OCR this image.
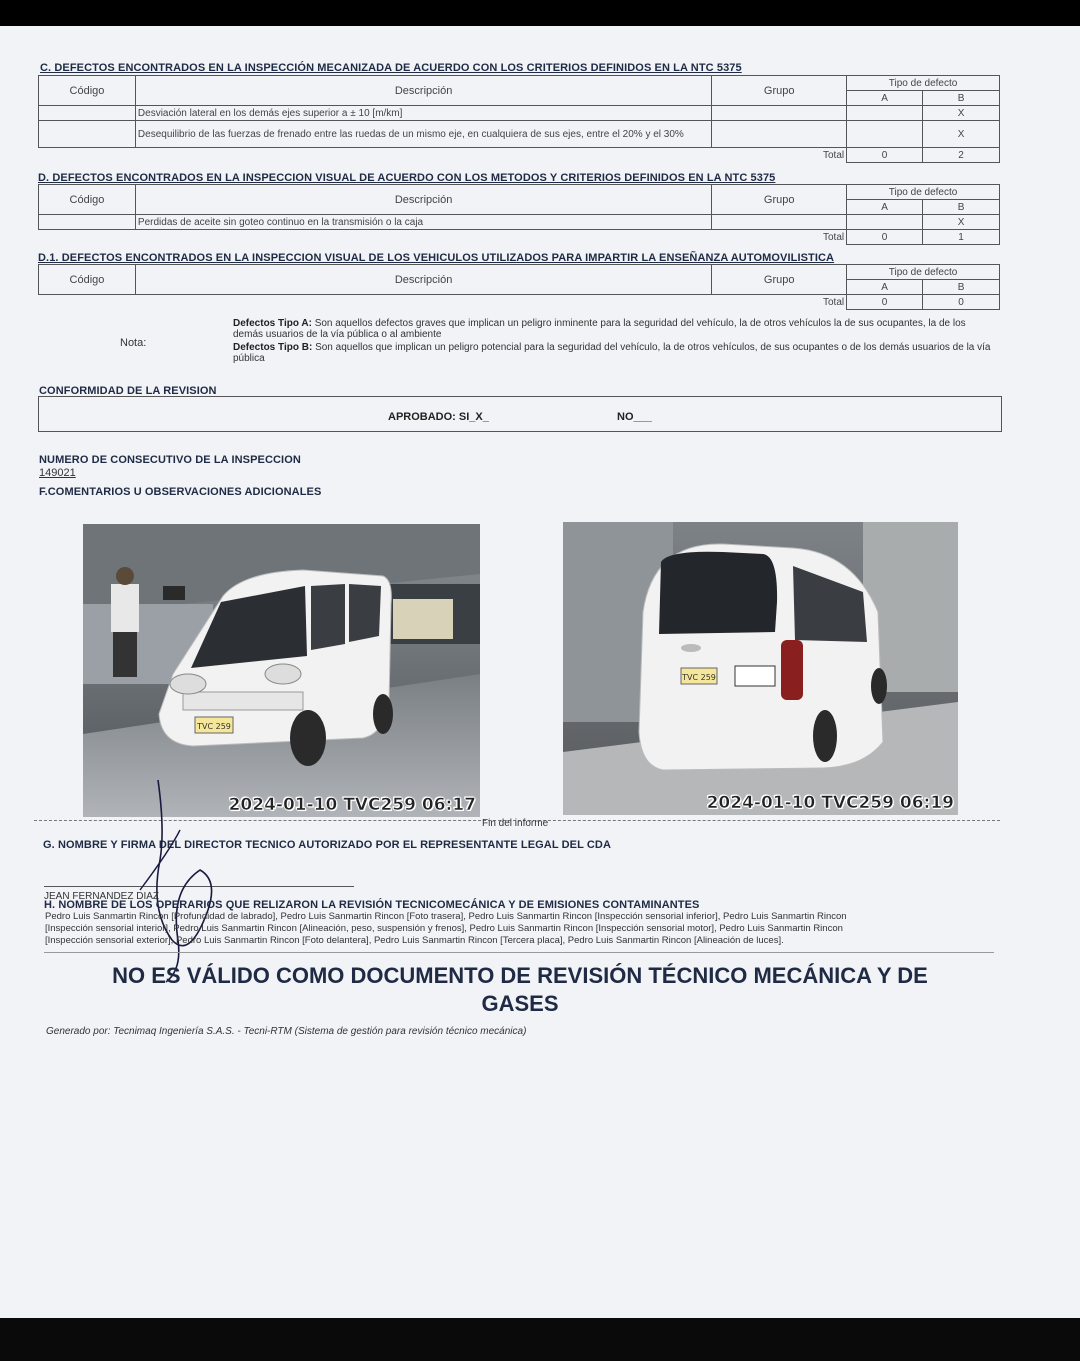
C. DEFECTOS ENCONTRADOS EN LA INSPECCIÓN MECANIZADA DE ACUERDO CON LOS CRITERIOS DEFINIDOS EN LA NTC 5375
Código	Descripción	Grupo	Tipo de defecto	
			A	B
	Desviación lateral en los demás ejes superior a ± 10 [m/km]			X
	Desequilibrio de las fuerzas de frenado entre las ruedas de un mismo eje, en cualquiera de sus ejes, entre el 20% y el 30%			X
Total			0	2
D. DEFECTOS ENCONTRADOS EN LA INSPECCION VISUAL DE ACUERDO CON LOS METODOS Y CRITERIOS DEFINIDOS EN LA NTC 5375
Código	Descripción	Grupo	Tipo de defecto	
			A	B
	Perdidas de aceite sin goteo continuo en la transmisión o la caja			X
Total			0	1
D.1. DEFECTOS ENCONTRADOS EN LA INSPECCION VISUAL DE LOS VEHICULOS UTILIZADOS PARA IMPARTIR LA ENSEÑANZA AUTOMOVILISTICA
Código	Descripción	Grupo	Tipo de defecto	
			A	B
Total			0	0
Nota:
Defectos Tipo A: Son aquellos defectos graves que implican un peligro inminente para la seguridad del vehículo, la de otros vehículos la de sus ocupantes, la de los demás usuarios de la vía pública o al ambiente
Defectos Tipo B: Son aquellos que implican un peligro potencial para la seguridad del vehículo, la de otros vehículos, de sus ocupantes o de los demás usuarios de la vía pública
CONFORMIDAD DE LA REVISION
APROBADO: SI_X_	NO___
NUMERO DE CONSECUTIVO DE LA INSPECCION
149021
F.COMENTARIOS U OBSERVACIONES ADICIONALES
TVC 259
2024-01-10 TVC259 06:17
TVC 259
2024-01-10 TVC259 06:19
Fin del informe
G. NOMBRE Y FIRMA DEL DIRECTOR TECNICO AUTORIZADO POR EL REPRESENTANTE LEGAL DEL CDA
JEAN FERNANDEZ DIAZ
H. NOMBRE DE LOS OPERARIOS QUE RELIZARON LA REVISIÓN TECNICOMECÁNICA Y DE EMISIONES CONTAMINANTES
Pedro Luis Sanmartin Rincon [Profundidad de labrado], Pedro Luis Sanmartin Rincon [Foto trasera], Pedro Luis Sanmartin Rincon [Inspección sensorial inferior], Pedro Luis Sanmartin Rincon
[Inspección sensorial interior], Pedro Luis Sanmartin Rincon [Alineación, peso, suspensión y frenos], Pedro Luis Sanmartin Rincon [Inspección sensorial motor], Pedro Luis Sanmartin Rincon
[Inspección sensorial exterior], Pedro Luis Sanmartin Rincon [Foto delantera], Pedro Luis Sanmartin Rincon [Tercera placa], Pedro Luis Sanmartin Rincon [Alineación de luces].
NO ES VÁLIDO COMO DOCUMENTO DE REVISIÓN TÉCNICO MECÁNICA Y DE
GASES
Generado por: Tecnimaq Ingeniería S.A.S. - Tecni-RTM (Sistema de gestión para revisión técnico mecánica)
